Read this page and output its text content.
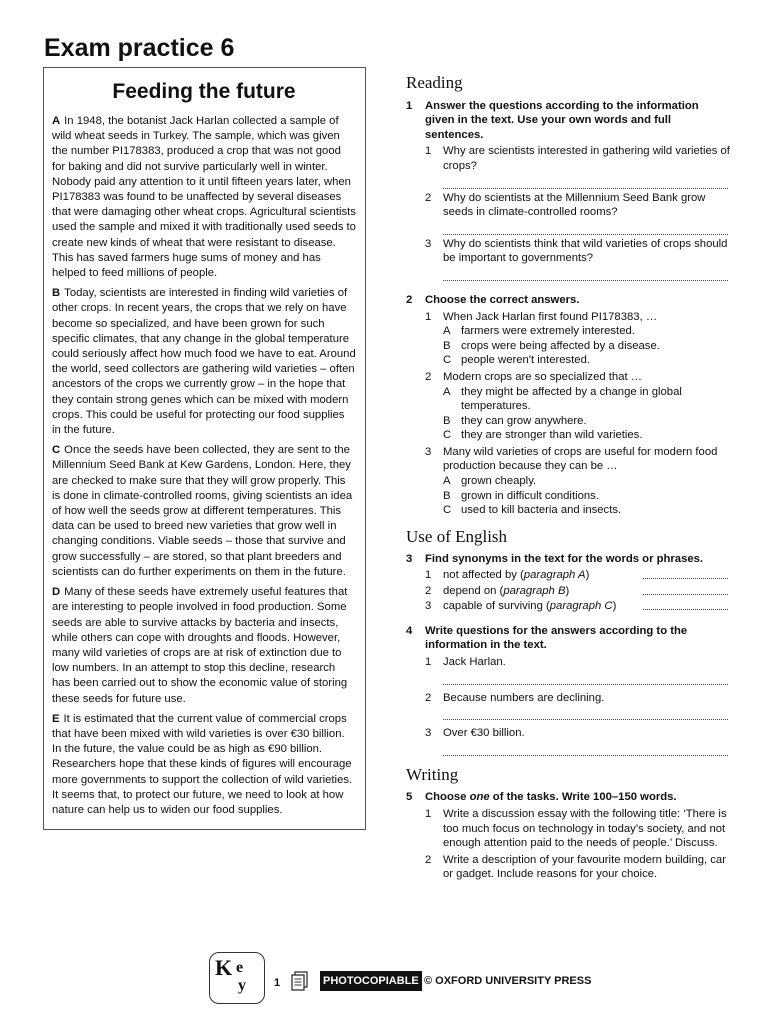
Exam practice 6
Feeding the future

A In 1948, the botanist Jack Harlan collected a sample of wild wheat seeds in Turkey. The sample, which was given the number PI178383, produced a crop that was not good for baking and did not survive particularly well in winter. Nobody paid any attention to it until fifteen years later, when PI178383 was found to be unaffected by several diseases that were damaging other wheat crops. Agricultural scientists used the sample and mixed it with traditionally used seeds to create new kinds of wheat that were resistant to disease. This has saved farmers huge sums of money and has helped to feed millions of people.

B Today, scientists are interested in finding wild varieties of other crops. In recent years, the crops that we rely on have become so specialized, and have been grown for such specific climates, that any change in the global temperature could seriously affect how much food we have to eat. Around the world, seed collectors are gathering wild varieties – often ancestors of the crops we currently grow – in the hope that they contain strong genes which can be mixed with modern crops. This could be useful for protecting our food supplies in the future.

C Once the seeds have been collected, they are sent to the Millennium Seed Bank at Kew Gardens, London. Here, they are checked to make sure that they will grow properly. This is done in climate-controlled rooms, giving scientists an idea of how well the seeds grow at different temperatures. This data can be used to breed new varieties that grow well in changing conditions. Viable seeds – those that survive and grow successfully – are stored, so that plant breeders and scientists can do further experiments on them in the future.

D Many of these seeds have extremely useful features that are interesting to people involved in food production. Some seeds are able to survive attacks by bacteria and insects, while others can cope with droughts and floods. However, many wild varieties of crops are at risk of extinction due to low numbers. In an attempt to stop this decline, research has been carried out to show the economic value of storing these seeds for future use.

E It is estimated that the current value of commercial crops that have been mixed with wild varieties is over €30 billion. In the future, the value could be as high as €90 billion. Researchers hope that these kinds of figures will encourage more governments to support the collection of wild varieties. It seems that, to protect our future, we need to look at how nature can help us to widen our food supplies.

Reading
1	Answer the questions according to the information given in the text. Use your own words and full sentences.
1	Why are scientists interested in gathering wild varieties of crops?
2	Why do scientists at the Millennium Seed Bank grow seeds in climate-controlled rooms?
3	Why do scientists think that wild varieties of crops should be important to governments?
2	Choose the correct answers.
1	When Jack Harlan first found PI178383, …
A farmers were extremely interested.
B crops were being affected by a disease.
C people weren't interested.
2	Modern crops are so specialized that …
A they might be affected by a change in global temperatures.
B they can grow anywhere.
C they are stronger than wild varieties.
3	Many wild varieties of crops are useful for modern food production because they can be …
A grown cheaply.
B grown in difficult conditions.
C used to kill bacteria and insects.
Use of English
3	Find synonyms in the text for the words or phrases.
1	not affected by (paragraph A)
2	depend on (paragraph B)
3	capable of surviving (paragraph C)
4	Write questions for the answers according to the information in the text.
1	Jack Harlan.
2	Because numbers are declining.
3	Over €30 billion.
Writing
5	Choose one of the tasks. Write 100–150 words.
1	Write a discussion essay with the following title: ‘There is too much focus on technology in today’s society, and not enough attention paid to the needs of people.’ Discuss.
2	Write a description of your favourite modern building, car or gadget. Include reasons for your choice.
K e
y	1	PHOTOCOPIABLE © OXFORD UNIVERSITY PRESS
